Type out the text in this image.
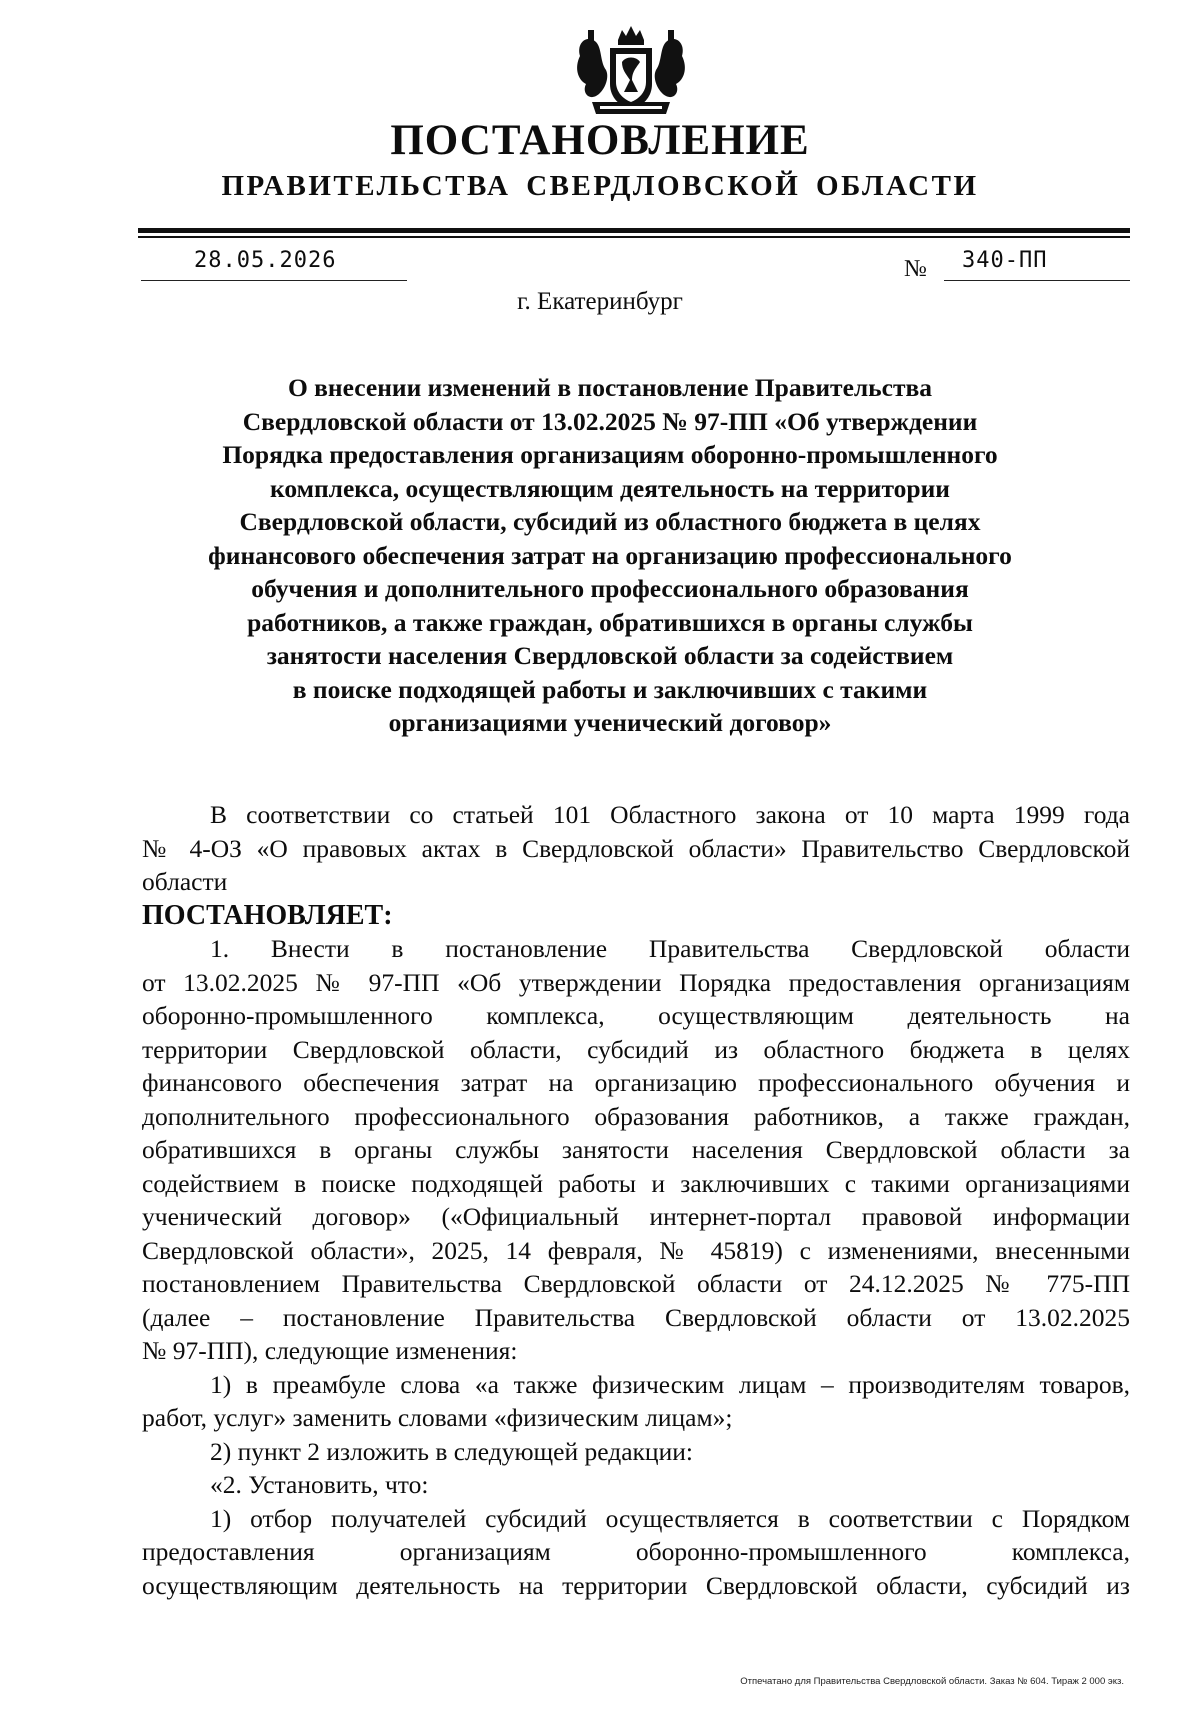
ПОСТАНОВЛЕНИЕ
ПРАВИТЕЛЬСТВА СВЕРДЛОВСКОЙ ОБЛАСТИ
28.05.2026	№ 340-ПП
г. Екатеринбург
О внесении изменений в постановление Правительства
Свердловской области от 13.02.2025 № 97-ПП «Об утверждении
Порядка предоставления организациям оборонно-промышленного
комплекса, осуществляющим деятельность на территории
Свердловской области, субсидий из областного бюджета в целях
финансового обеспечения затрат на организацию профессионального
обучения и дополнительного профессионального образования
работников, а также граждан, обратившихся в органы службы
занятости населения Свердловской области за содействием
в поиске подходящей работы и заключивших с такими
организациями ученический договор»
В соответствии со статьей 101 Областного закона от 10 марта 1999 года
№ 4-ОЗ «О правовых актах в Свердловской области» Правительство Свердловской
области
ПОСТАНОВЛЯЕТ:
1. Внести в постановление Правительства Свердловской области
от 13.02.2025 № 97-ПП «Об утверждении Порядка предоставления организациям
оборонно-промышленного комплекса, осуществляющим деятельность на
территории Свердловской области, субсидий из областного бюджета в целях
финансового обеспечения затрат на организацию профессионального обучения и
дополнительного профессионального образования работников, а также граждан,
обратившихся в органы службы занятости населения Свердловской области за
содействием в поиске подходящей работы и заключивших с такими организациями
ученический договор» («Официальный интернет-портал правовой информации
Свердловской области», 2025, 14 февраля, № 45819) с изменениями, внесенными
постановлением Правительства Свердловской области от 24.12.2025 № 775-ПП
(далее – постановление Правительства Свердловской области от 13.02.2025
№ 97-ПП), следующие изменения:
1) в преамбуле слова «а также физическим лицам – производителям товаров,
работ, услуг» заменить словами «физическим лицам»;
2) пункт 2 изложить в следующей редакции:
«2. Установить, что:
1) отбор получателей субсидий осуществляется в соответствии с Порядком
предоставления организациям оборонно-промышленного комплекса,
осуществляющим деятельность на территории Свердловской области, субсидий из
Отпечатано для Правительства Свердловской области. Заказ № 604. Тираж 2 000 экз.
